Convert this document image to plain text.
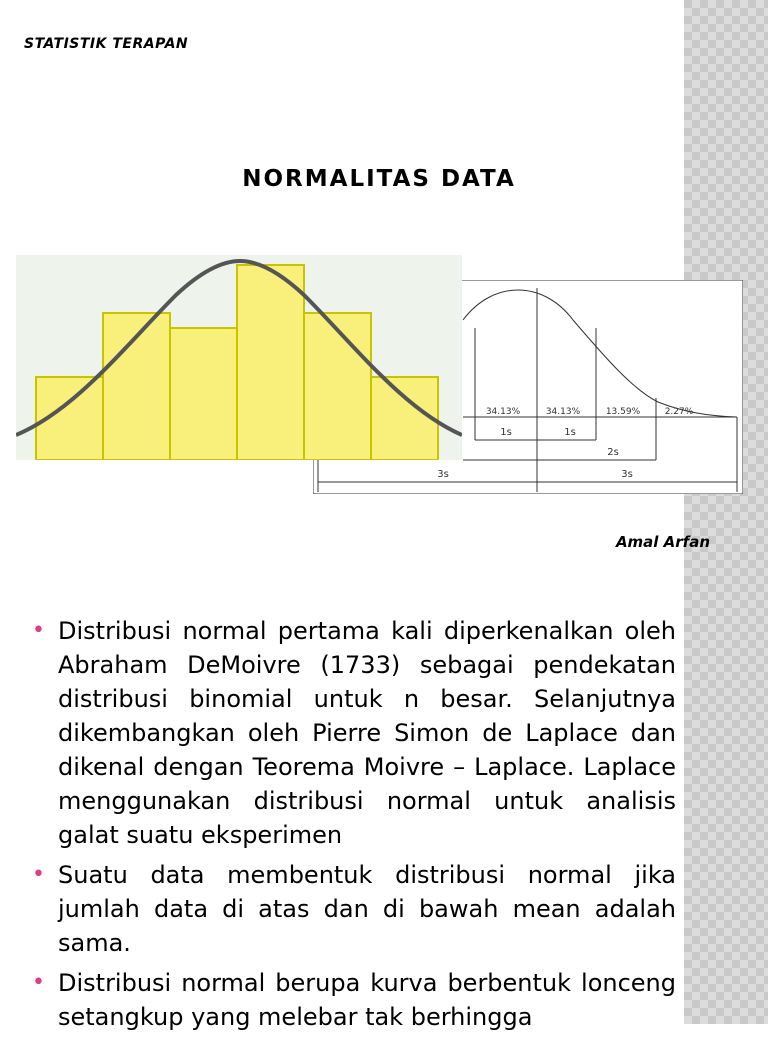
STATISTIK TERAPAN
NORMALITAS DATA
34.13%	34.13%	13.59%	2.27%
1s	1s
2s
3s	3s
Amal Arfan
• Distribusi normal pertama kali diperkenalkan oleh Abraham DeMoivre (1733) sebagai pendekatan distribusi binomial untuk n besar. Selanjutnya dikembangkan oleh Pierre Simon de Laplace dan dikenal dengan Teorema Moivre – Laplace. Laplace menggunakan distribusi normal untuk analisis galat suatu eksperimen
• Suatu data membentuk distribusi normal jika jumlah data di atas dan di bawah mean adalah sama.
• Distribusi normal berupa kurva berbentuk lonceng setangkup yang melebar tak berhingga
